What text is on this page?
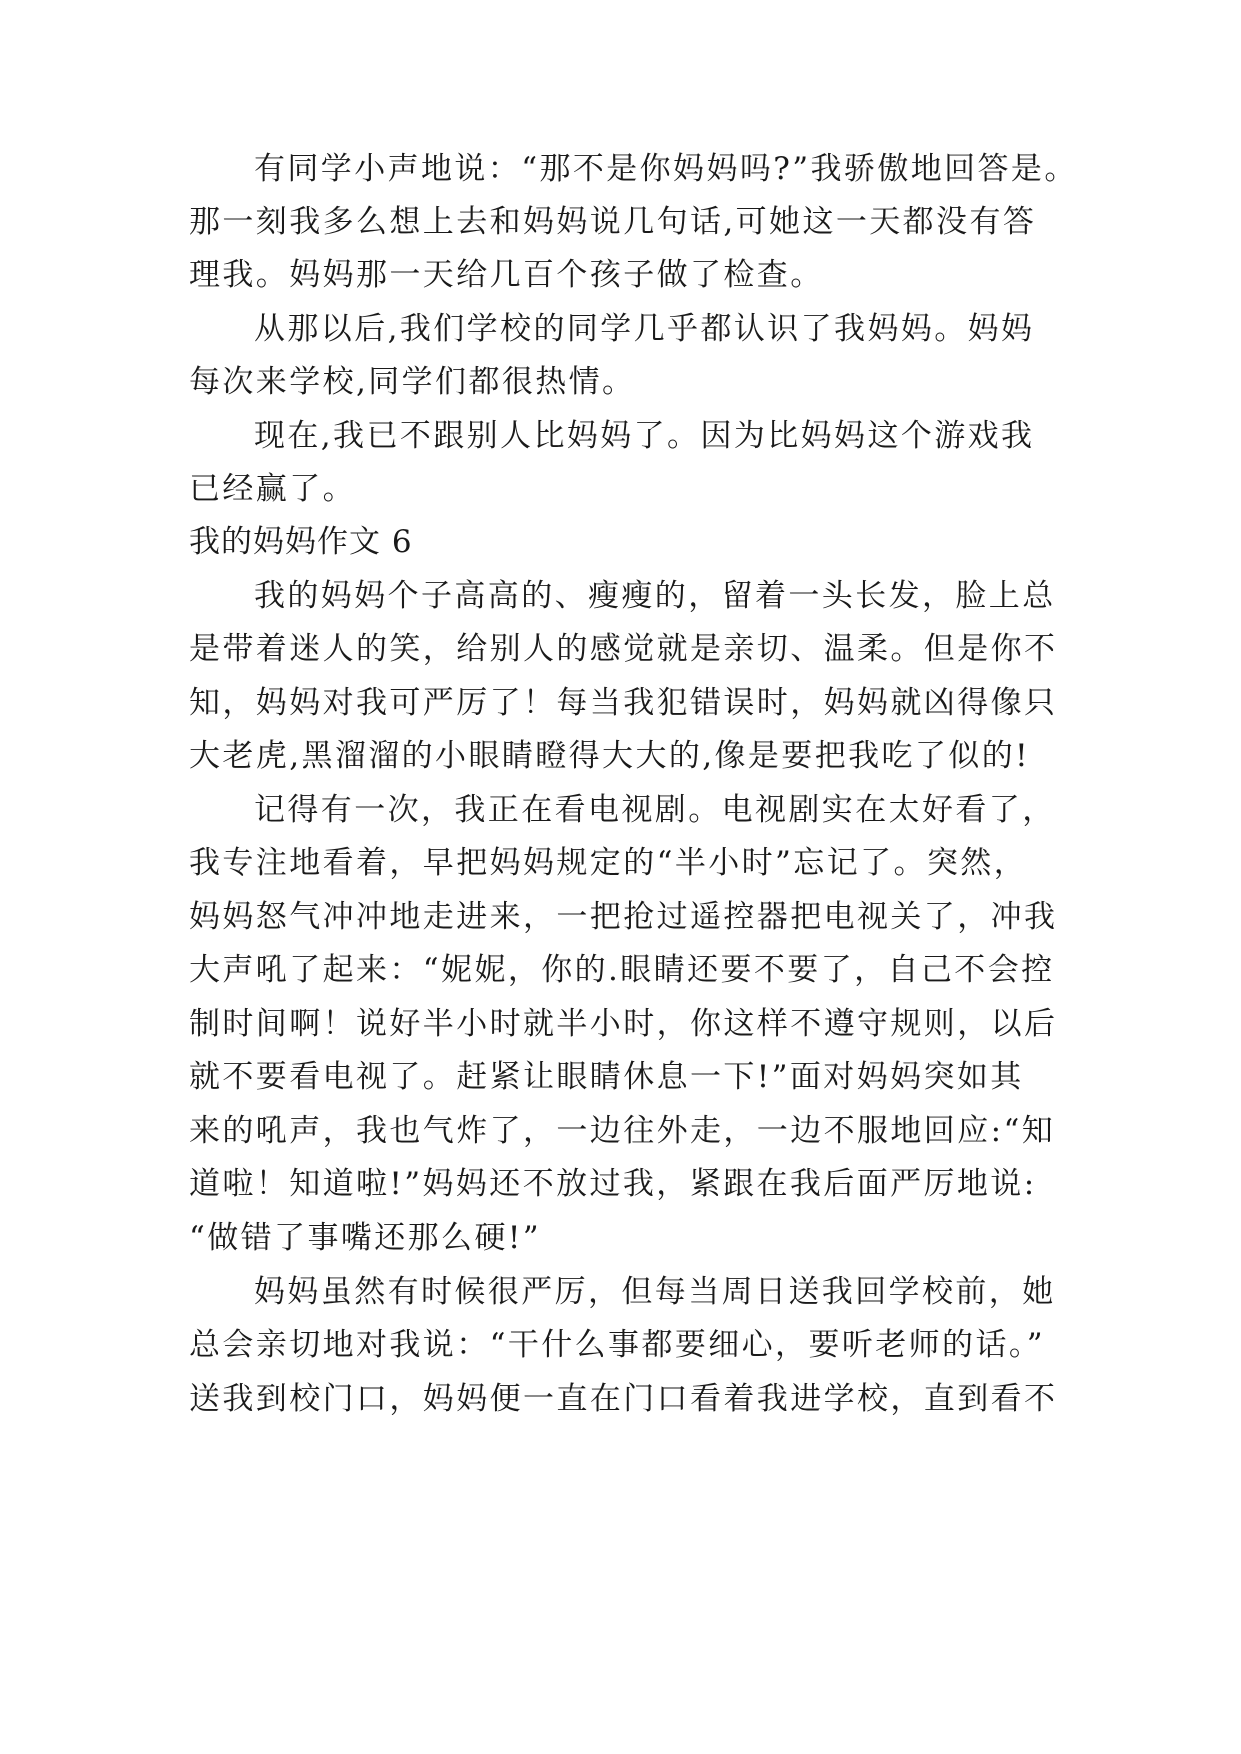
有同学小声地说：“那不是你妈妈吗?”我骄傲地回答是。

那一刻我多么想上去和妈妈说几句话,可她这一天都没有答

理我。妈妈那一天给几百个孩子做了检查。

从那以后,我们学校的同学几乎都认识了我妈妈。妈妈

每次来学校,同学们都很热情。

现在,我已不跟别人比妈妈了。因为比妈妈这个游戏我

已经赢了。

我的妈妈作文 6

我的妈妈个子高高的、瘦瘦的，留着一头长发，脸上总

是带着迷人的笑，给别人的感觉就是亲切、温柔。但是你不

知，妈妈对我可严厉了！每当我犯错误时，妈妈就凶得像只

大老虎,黑溜溜的小眼睛瞪得大大的,像是要把我吃了似的!

记得有一次，我正在看电视剧。电视剧实在太好看了，

我专注地看着，早把妈妈规定的“半小时”忘记了。突然，

妈妈怒气冲冲地走进来，一把抢过遥控器把电视关了，冲我

大声吼了起来：“妮妮，你的.眼睛还要不要了，自己不会控

制时间啊！说好半小时就半小时，你这样不遵守规则，以后

就不要看电视了。赶紧让眼睛休息一下!”面对妈妈突如其

来的吼声，我也气炸了，一边往外走，一边不服地回应:“知

道啦！知道啦!”妈妈还不放过我，紧跟在我后面严厉地说:

“做错了事嘴还那么硬!”

妈妈虽然有时候很严厉，但每当周日送我回学校前，她

总会亲切地对我说：“干什么事都要细心，要听老师的话。”

送我到校门口，妈妈便一直在门口看着我进学校，直到看不
